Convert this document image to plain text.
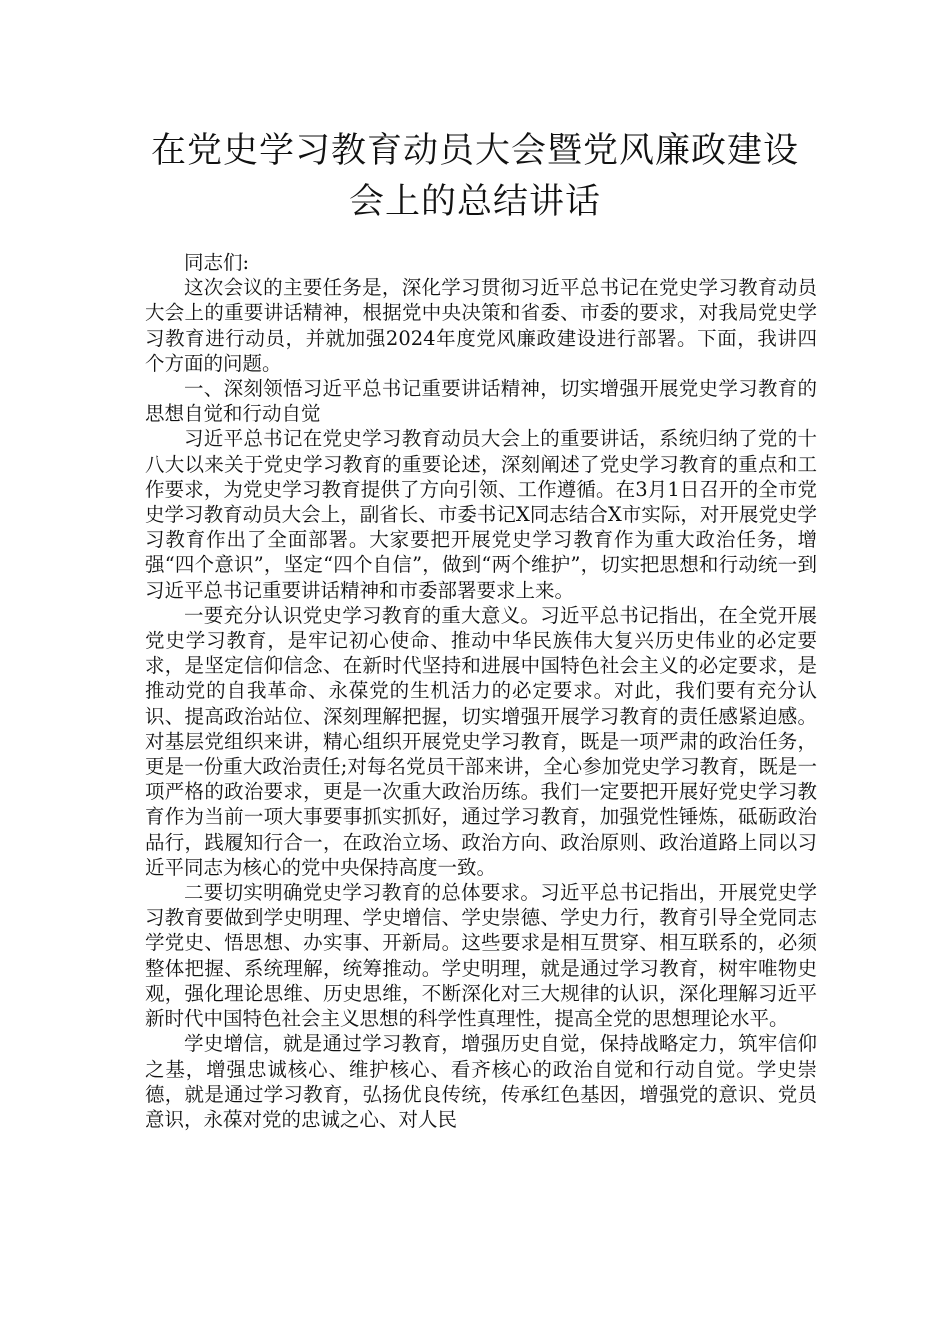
在党史学习教育动员大会暨党风廉政建设
会上的总结讲话

同志们:

这次会议的主要任务是，深化学习贯彻习近平总书记在党史学习教育动员大会上的重要讲话精神，根据党中央决策和省委、市委的要求，对我局党史学习教育进行动员，并就加强2024年度党风廉政建设进行部署。下面，我讲四个方面的问题。

一、深刻领悟习近平总书记重要讲话精神，切实增强开展党史学习教育的思想自觉和行动自觉

习近平总书记在党史学习教育动员大会上的重要讲话，系统归纳了党的十八大以来关于党史学习教育的重要论述，深刻阐述了党史学习教育的重点和工作要求，为党史学习教育提供了方向引领、工作遵循。在3月1日召开的全市党史学习教育动员大会上，副省长、市委书记X同志结合X市实际，对开展党史学习教育作出了全面部署。大家要把开展党史学习教育作为重大政治任务，增强“四个意识”，坚定“四个自信”，做到“两个维护”，切实把思想和行动统一到习近平总书记重要讲话精神和市委部署要求上来。

一要充分认识党史学习教育的重大意义。习近平总书记指出，在全党开展党史学习教育，是牢记初心使命、推动中华民族伟大复兴历史伟业的必定要求，是坚定信仰信念、在新时代坚持和进展中国特色社会主义的必定要求，是推动党的自我革命、永葆党的生机活力的必定要求。对此，我们要有充分认识、提高政治站位、深刻理解把握，切实增强开展学习教育的责任感紧迫感。对基层党组织来讲，精心组织开展党史学习教育，既是一项严肃的政治任务，更是一份重大政治责任;对每名党员干部来讲，全心参加党史学习教育，既是一项严格的政治要求，更是一次重大政治历练。我们一定要把开展好党史学习教育作为当前一项大事要事抓实抓好，通过学习教育，加强党性锤炼，砥砺政治品行，践履知行合一，在政治立场、政治方向、政治原则、政治道路上同以习近平同志为核心的党中央保持高度一致。

二要切实明确党史学习教育的总体要求。习近平总书记指出，开展党史学习教育要做到学史明理、学史增信、学史崇德、学史力行，教育引导全党同志学党史、悟思想、办实事、开新局。这些要求是相互贯穿、相互联系的，必须整体把握、系统理解，统筹推动。学史明理，就是通过学习教育，树牢唯物史观，强化理论思维、历史思维，不断深化对三大规律的认识，深化理解习近平新时代中国特色社会主义思想的科学性真理性，提高全党的思想理论水平。

学史增信，就是通过学习教育，增强历史自觉，保持战略定力，筑牢信仰之基，增强忠诚核心、维护核心、看齐核心的政治自觉和行动自觉。学史崇德，就是通过学习教育，弘扬优良传统，传承红色基因，增强党的意识、党员意识，永葆对党的忠诚之心、对人民
